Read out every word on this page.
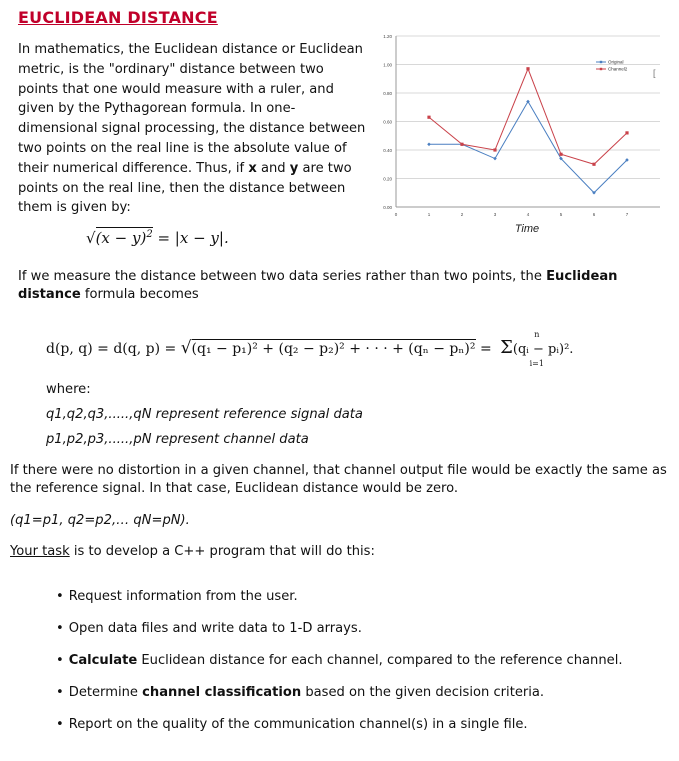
EUCLIDEAN DISTANCE
In mathematics, the Euclidean distance or Euclidean metric, is the "ordinary" distance between two points that one would measure with a ruler, and given by the Pythagorean formula. In one-dimensional signal processing, the distance between two points on the real line is the absolute value of their numerical difference. Thus, if x and y are two points on the real line, then the distance between them is given by:
$√(x - y)^2 = |x - y|$.
0.00
0.20
0.40
0.60
0.80
1.00
1.20
0	1	2	3	4	5	6	7
Original
Channel2	[
Time
If we measure the distance between two data series rather than two points, the Euclidean distance formula becomes
d(p, q) = d(q, p) = √(q₁ − p₁)² + (q₂ − p₂)² + · · · + (qₙ − pₙ)² =
n
Σ(qᵢ − pᵢ)².
i=1
where:
q1,q2,q3,.....,qN represent reference signal data
p1,p2,p3,.....,pN represent channel data
If there were no distortion in a given channel, that channel output file would be exactly the same as the reference signal. In that case, Euclidean distance would be zero.
(q1=p1, q2=p2,… qN=pN).
Your task is to develop a C++ program that will do this:
• Request information from the user.
• Open data files and write data to 1-D arrays.
• Calculate Euclidean distance for each channel, compared to the reference channel.
• Determine channel classification based on the given decision criteria.
• Report on the quality of the communication channel(s) in a single file.
